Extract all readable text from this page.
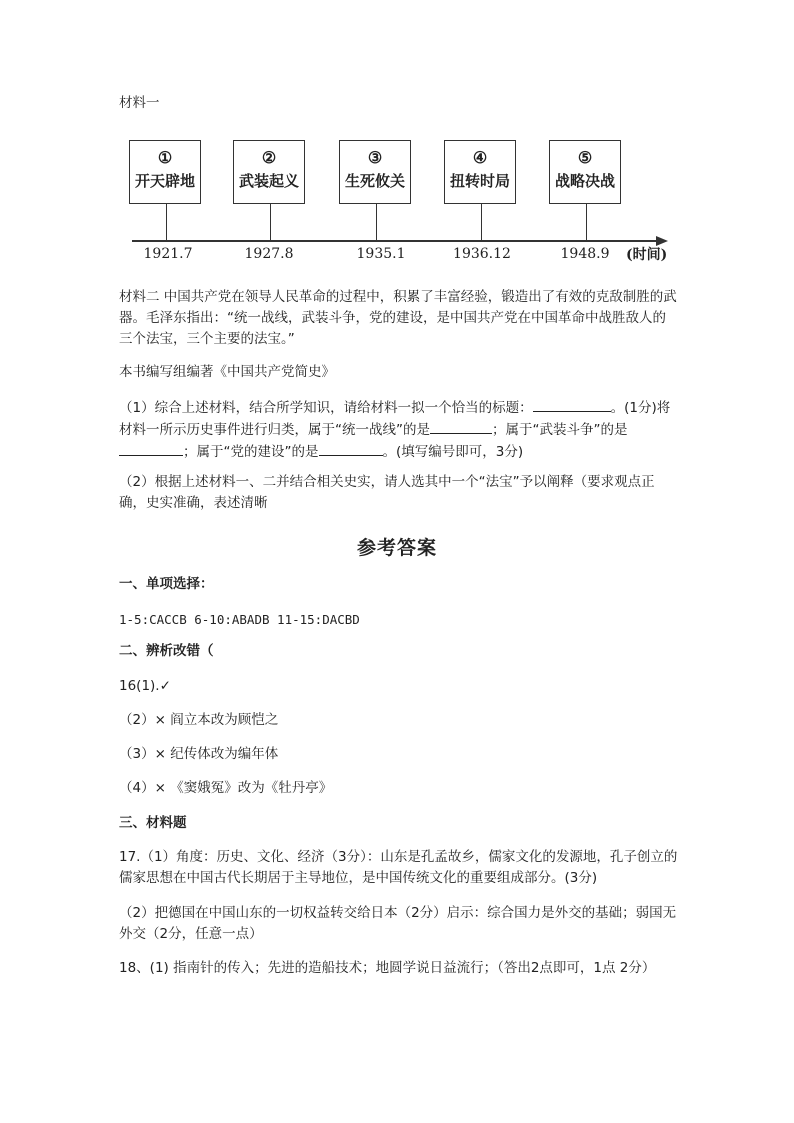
材料一

①
开天辟地
②
武装起义
③
生死攸关
④
扭转时局
⑤
战略决战
1921.7	1927.8	1935.1	1936.12	1948.9	(时间)

材料二 中国共产党在领导人民革命的过程中，积累了丰富经验，锻造出了有效的克敌制胜的武器。毛泽东指出：“统一战线，武装斗争，党的建设，是中国共产党在中国革命中战胜敌人的三个法宝，三个主要的法宝。”

本书编写组编著《中国共产党简史》

（1）综合上述材料，结合所学知识，请给材料一拟一个恰当的标题：	。(1分)将材料一所示历史事件进行归类，属于“统一战线”的是	；属于“武装斗争”的是；属于“党的建设”的是	。(填写编号即可，3分)

（2）根据上述材料一、二并结合相关史实，请人选其中一个“法宝”予以阐释（要求观点正确，史实准确，表述清晰

参考答案

一、单项选择：

1-5:CACCB 6-10:ABADB 11-15:DACBD

二、辨析改错（

16(1).✓

（2）× 阎立本改为顾恺之

（3）× 纪传体改为编年体

（4）× 《窦娥冤》改为《牡丹亭》

三、材料题

17.（1）角度：历史、文化、经济（3分）：山东是孔孟故乡，儒家文化的发源地，孔子创立的儒家思想在中国古代长期居于主导地位，是中国传统文化的重要组成部分。(3分)

（2）把德国在中国山东的一切权益转交给日本（2分）启示：综合国力是外交的基础；弱国无外交（2分，任意一点）

18、(1) 指南针的传入；先进的造船技术；地圆学说日益流行；（答出2点即可，1点 2分）
